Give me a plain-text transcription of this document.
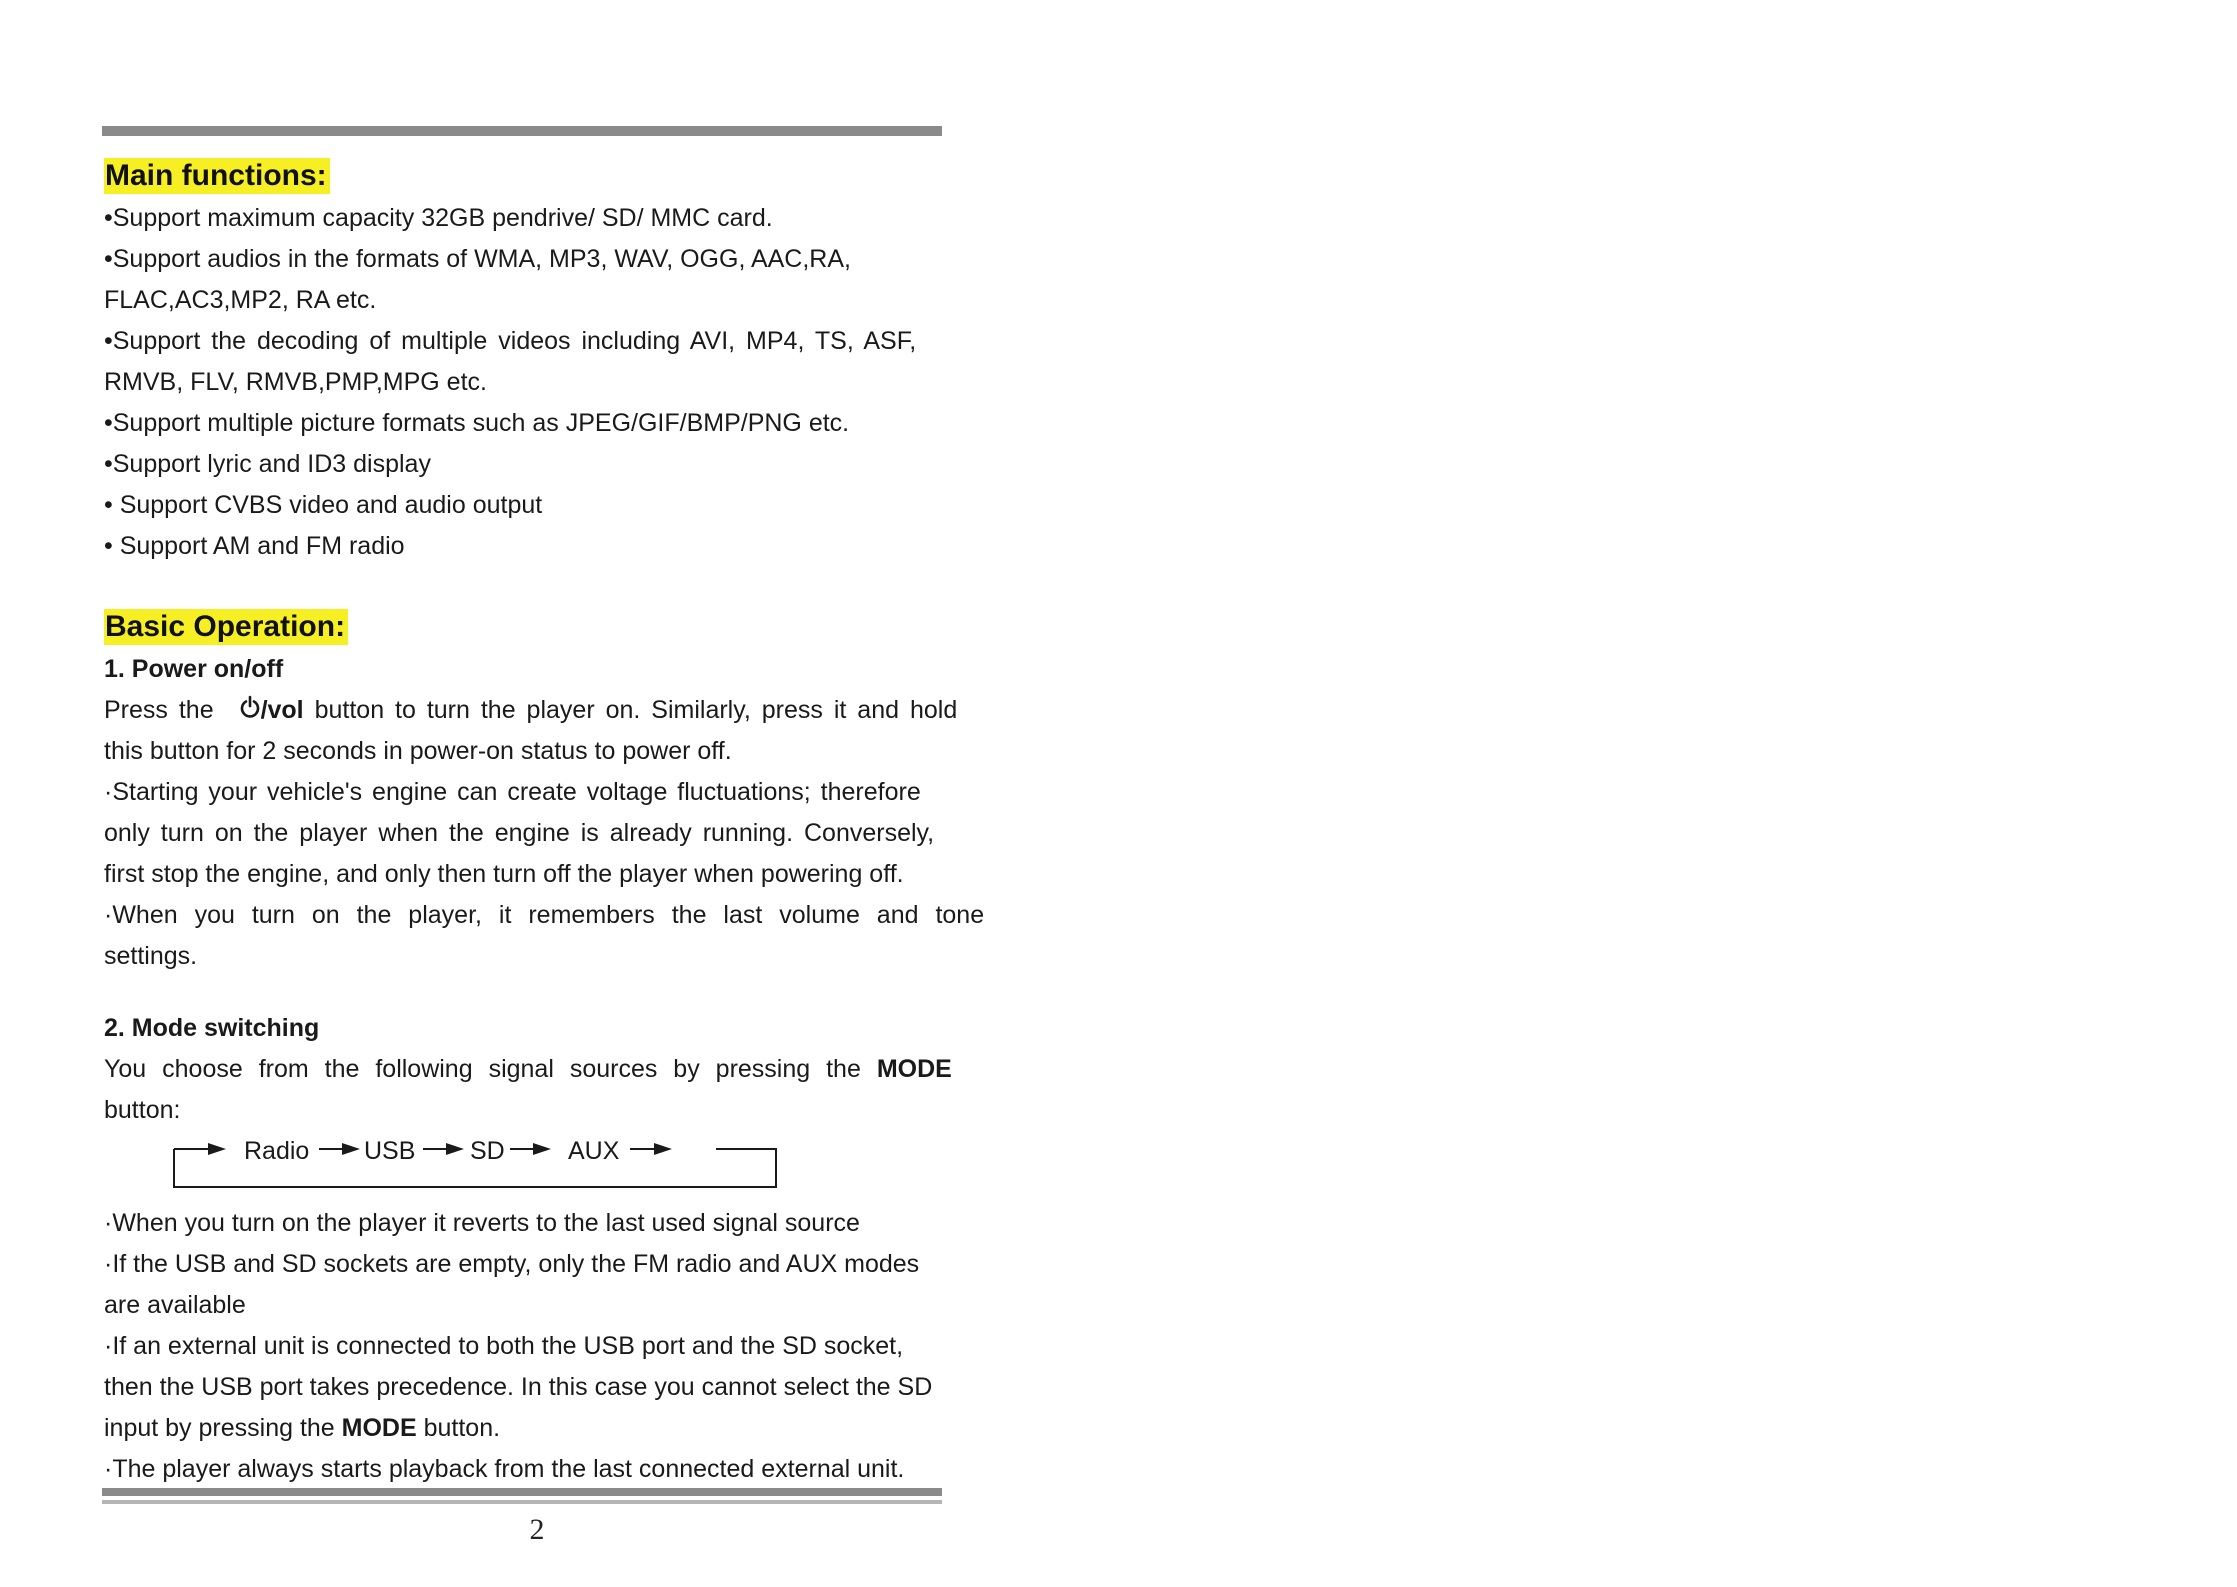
Main functions:
•Support maximum capacity 32GB pendrive/ SD/ MMC card.
•Support audios in the formats of WMA, MP3, WAV, OGG, AAC,RA,
FLAC,AC3,MP2, RA etc.
•Support the decoding of multiple videos including AVI, MP4, TS, ASF,
RMVB, FLV, RMVB,PMP,MPG etc.
•Support multiple picture formats such as JPEG/GIF/BMP/PNG etc.
•Support lyric and ID3 display
• Support CVBS video and audio output
• Support AM and FM radio
Basic Operation:
1. Power on/off
Press the /vol button to turn the player on. Similarly, press it and hold
this button for 2 seconds in power-on status to power off.
·Starting your vehicle's engine can create voltage fluctuations; therefore
only turn on the player when the engine is already running. Conversely,
first stop the engine, and only then turn off the player when powering off.
·When you turn on the player, it remembers the last volume and tone
settings.
2. Mode switching
You choose from the following signal sources by pressing the MODE
button:
Radio USB SD	AUX
·When you turn on the player it reverts to the last used signal source
·If the USB and SD sockets are empty, only the FM radio and AUX modes
are available
·If an external unit is connected to both the USB port and the SD socket,
then the USB port takes precedence. In this case you cannot select the SD
input by pressing the MODE button.
·The player always starts playback from the last connected external unit.
2
